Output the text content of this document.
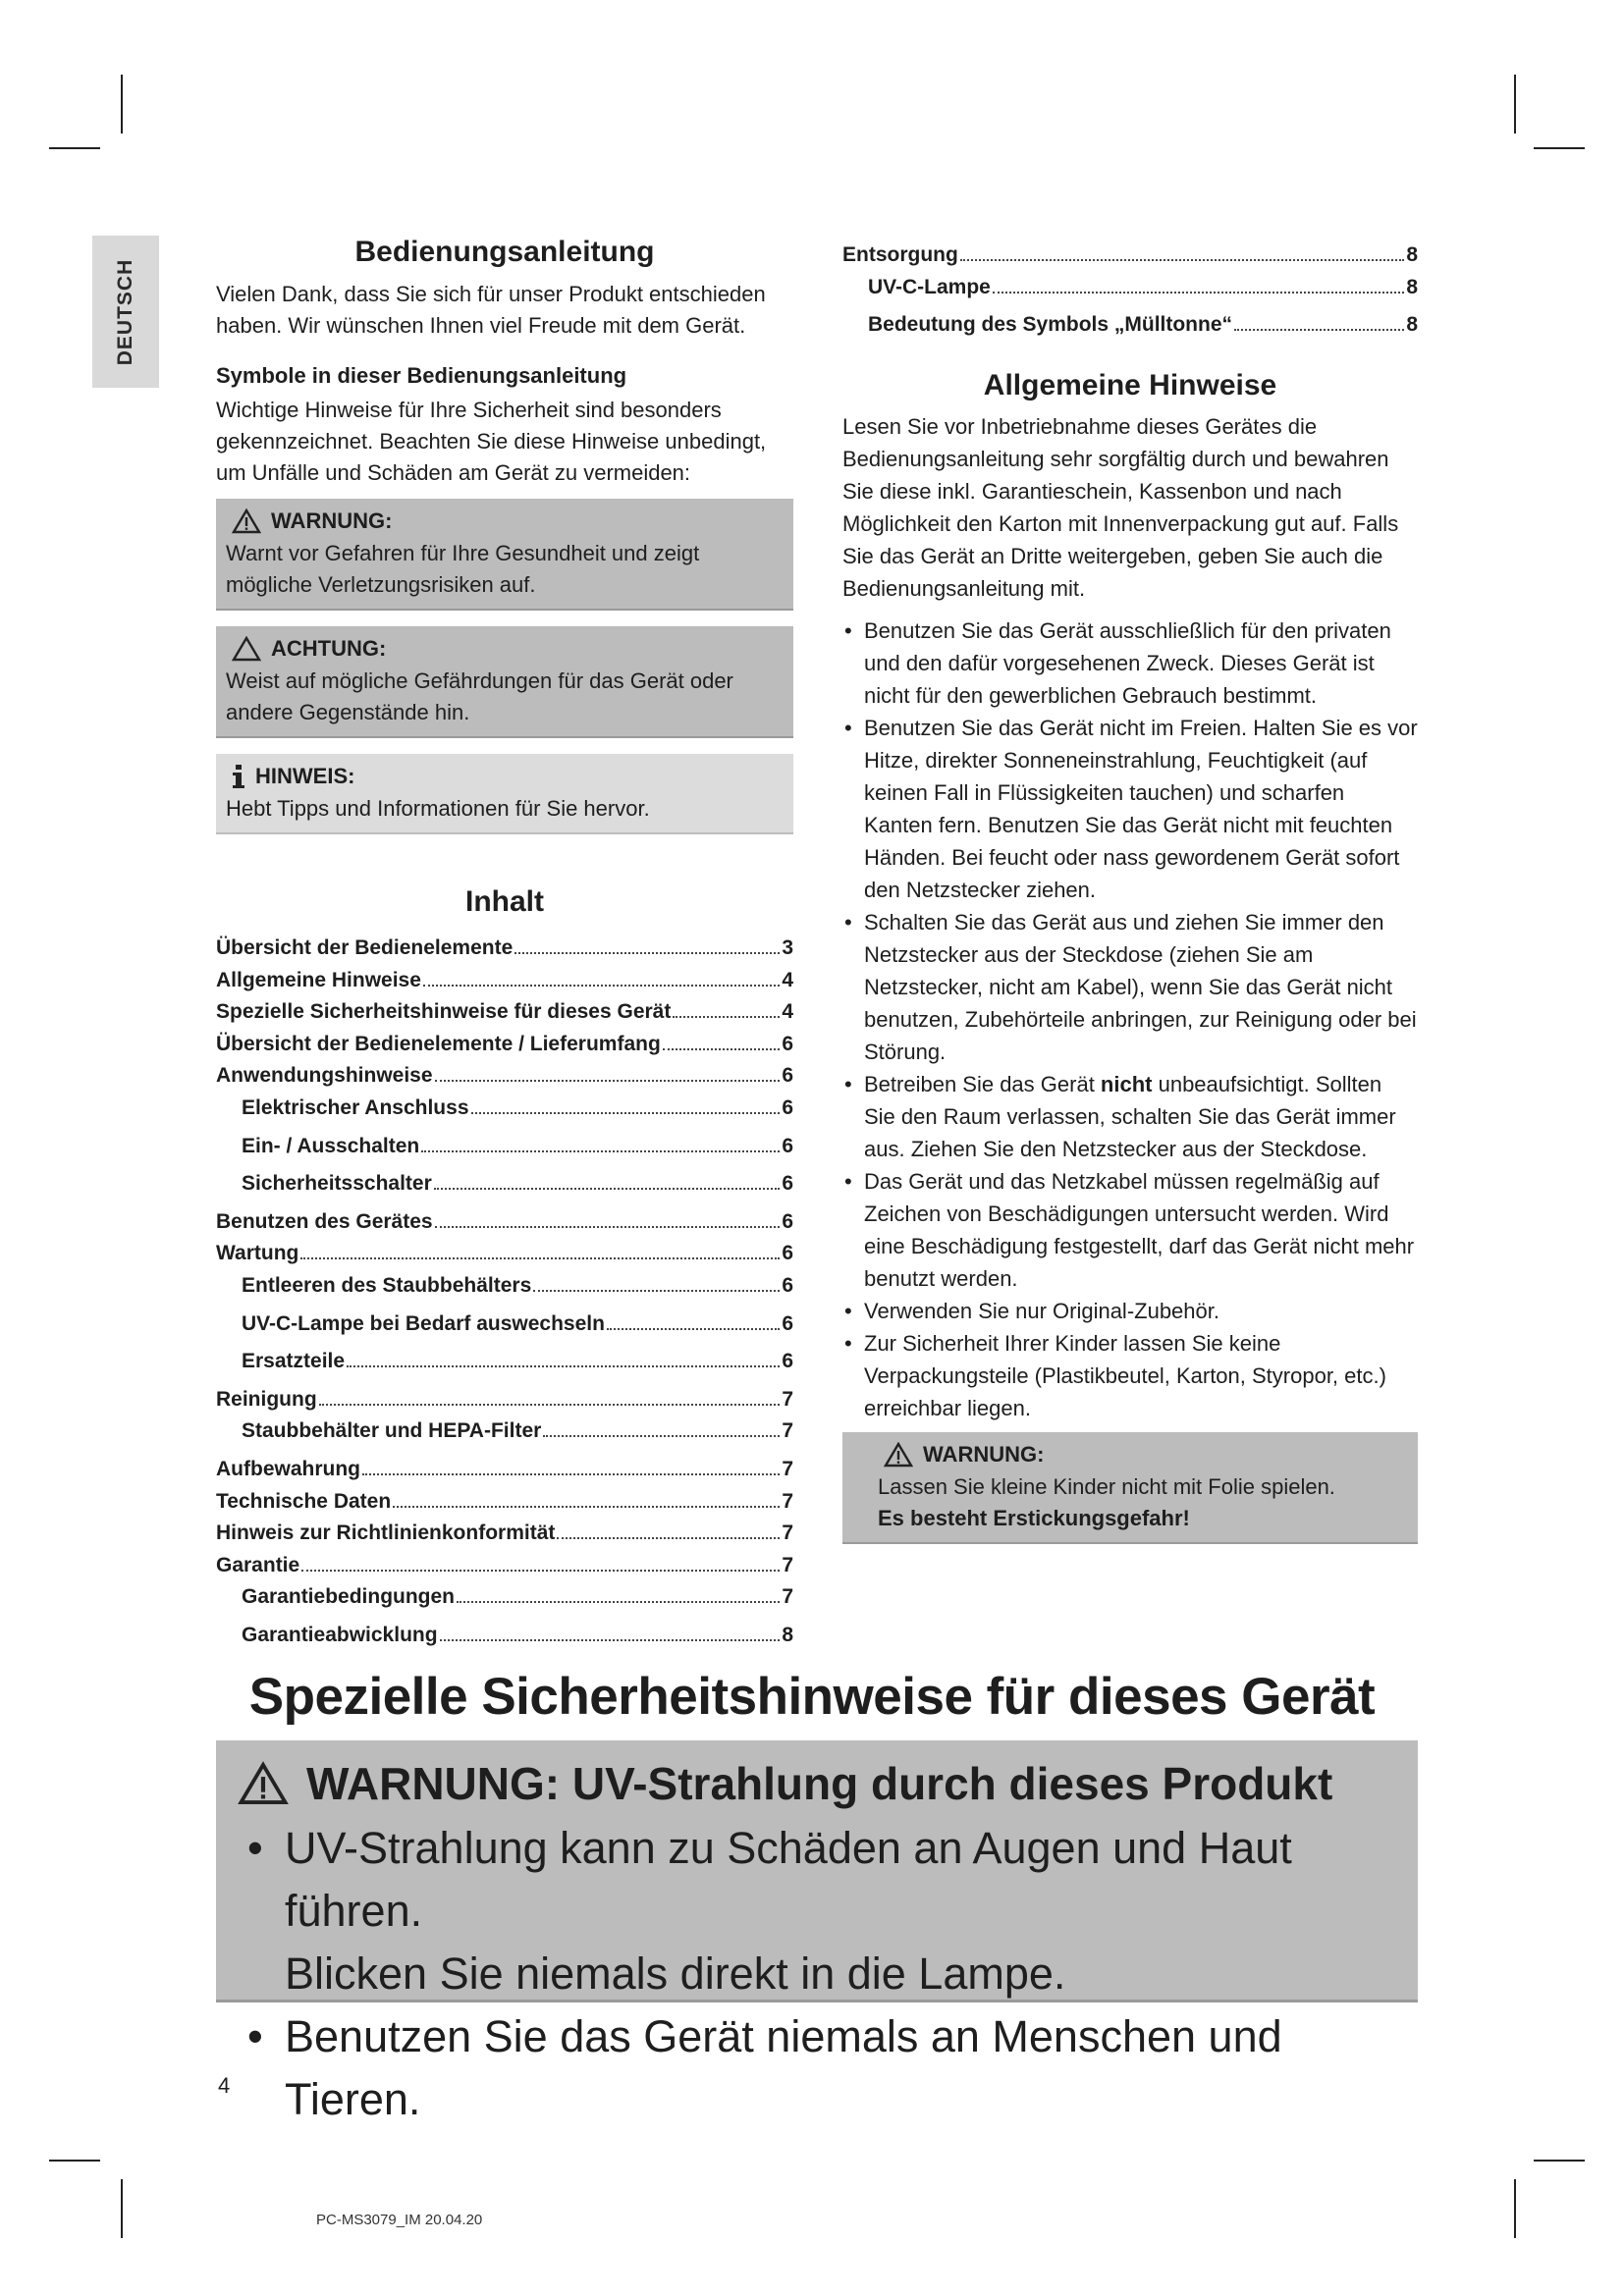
DEUTSCH
Bedienungsanleitung

Vielen Dank, dass Sie sich für unser Produkt entschieden haben. Wir wünschen Ihnen viel Freude mit dem Gerät.

Symbole in dieser Bedienungsanleitung

Wichtige Hinweise für Ihre Sicherheit sind besonders gekennzeichnet. Beachten Sie diese Hinweise unbedingt, um Unfälle und Schäden am Gerät zu vermeiden:

WARNUNG:
Warnt vor Gefahren für Ihre Gesundheit und zeigt mögliche Verletzungsrisiken auf.
ACHTUNG:
Weist auf mögliche Gefährdungen für das Gerät oder andere Gegenstände hin.
HINWEIS:
Hebt Tipps und Informationen für Sie hervor.
Inhalt
Übersicht der Bedienelemente	3
Allgemeine Hinweise	4
Spezielle Sicherheitshinweise für dieses Gerät	4
Übersicht der Bedienelemente / Lieferumfang	6
Anwendungshinweise	6
Elektrischer Anschluss	6
Ein- / Ausschalten	6
Sicherheitsschalter	6
Benutzen des Gerätes	6
Wartung	6
Entleeren des Staubbehälters	6
UV-C-Lampe bei Bedarf auswechseln	6
Ersatzteile	6
Reinigung	7
Staubbehälter und HEPA-Filter	7
Aufbewahrung	7
Technische Daten	7
Hinweis zur Richtlinienkonformität	7
Garantie	7
Garantiebedingungen	7
Garantieabwicklung	8
Entsorgung	8
UV-C-Lampe	8
Bedeutung des Symbols „Mülltonne“	8
Allgemeine Hinweise

Lesen Sie vor Inbetriebnahme dieses Gerätes die Bedienungsanleitung sehr sorgfältig durch und bewahren Sie diese inkl. Garantieschein, Kassenbon und nach Möglichkeit den Karton mit Innenverpackung gut auf. Falls Sie das Gerät an Dritte weitergeben, geben Sie auch die Bedienungsanleitung mit.

• Benutzen Sie das Gerät ausschließlich für den privaten und den dafür vorgesehenen Zweck. Dieses Gerät ist nicht für den gewerblichen Gebrauch bestimmt.
• Benutzen Sie das Gerät nicht im Freien. Halten Sie es vor Hitze, direkter Sonneneinstrahlung, Feuchtigkeit (auf keinen Fall in Flüssigkeiten tauchen) und scharfen Kanten fern. Benutzen Sie das Gerät nicht mit feuchten Händen. Bei feucht oder nass gewordenem Gerät sofort den Netzstecker ziehen.
• Schalten Sie das Gerät aus und ziehen Sie immer den Netzstecker aus der Steckdose (ziehen Sie am Netzstecker, nicht am Kabel), wenn Sie das Gerät nicht benutzen, Zubehörteile anbringen, zur Reinigung oder bei Störung.
• Betreiben Sie das Gerät nicht unbeaufsichtigt. Sollten Sie den Raum verlassen, schalten Sie das Gerät immer aus. Ziehen Sie den Netzstecker aus der Steckdose.
• Das Gerät und das Netzkabel müssen regelmäßig auf Zeichen von Beschädigungen untersucht werden. Wird eine Beschädigung festgestellt, darf das Gerät nicht mehr benutzt werden.
• Verwenden Sie nur Original-Zubehör.
• Zur Sicherheit Ihrer Kinder lassen Sie keine Verpackungsteile (Plastikbeutel, Karton, Styropor, etc.) erreichbar liegen.
WARNUNG:
Lassen Sie kleine Kinder nicht mit Folie spielen.
Es besteht Erstickungsgefahr!
Spezielle Sicherheitshinweise für dieses Gerät
WARNUNG: UV-Strahlung durch dieses Produkt
• UV-Strahlung kann zu Schäden an Augen und Haut führen.
Blicken Sie niemals direkt in die Lampe.
• Benutzen Sie das Gerät niemals an Menschen und Tieren.
4
PC-MS3079_IM 20.04.20
